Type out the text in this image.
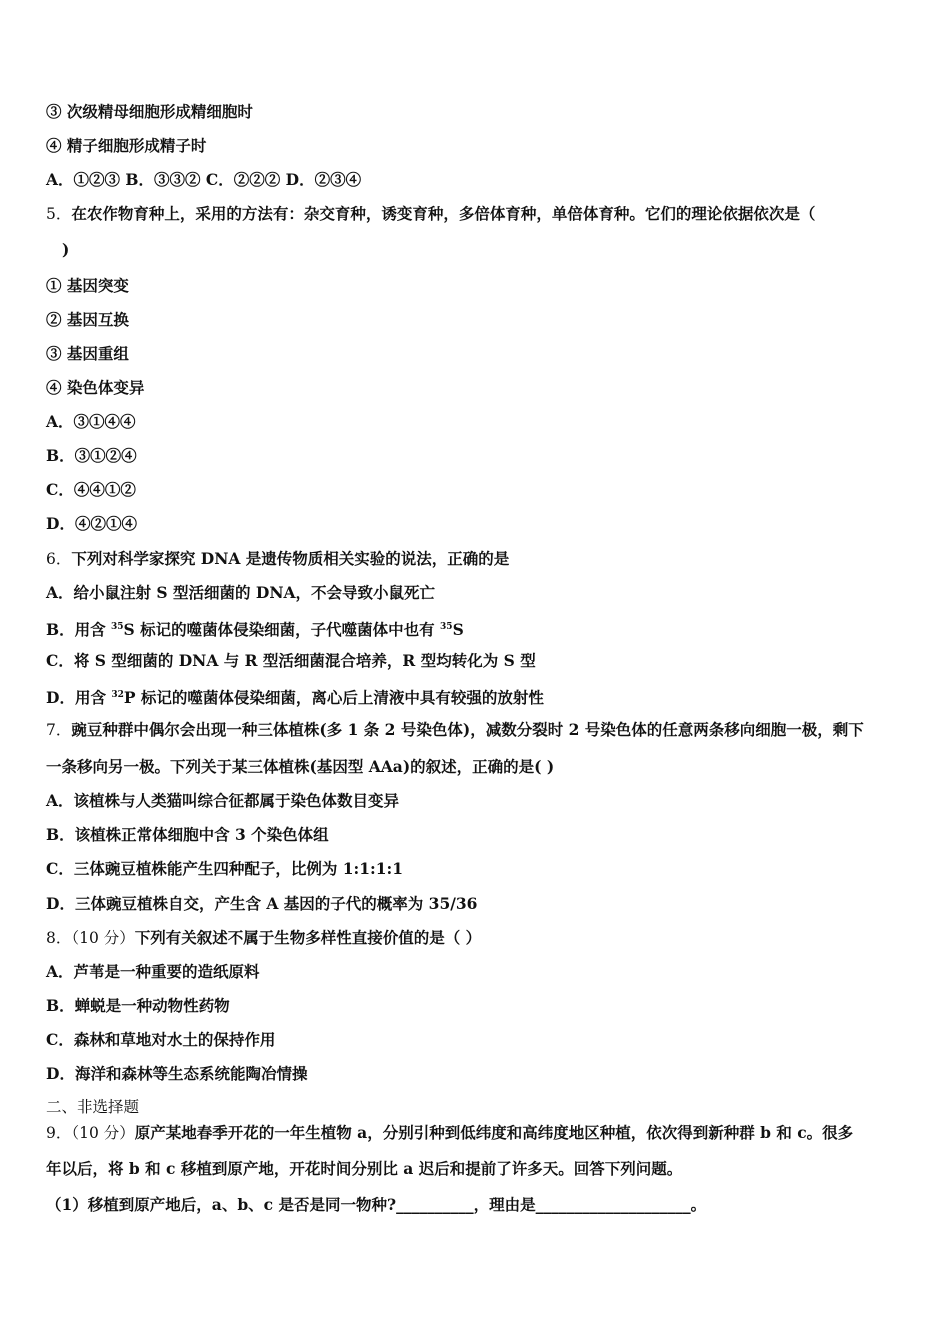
③ 次级精母细胞形成精细胞时
④ 精子细胞形成精子时
A．①②③ B．③③② C．②②② D．②③④
5．在农作物育种上，采用的方法有：杂交育种，诱变育种，多倍体育种，单倍体育种。它们的理论依据依次是（
)
① 基因突变
② 基因互换
③ 基因重组
④ 染色体变异
A．③①④④
B．③①②④
C．④④①②
D．④②①④
6．下列对科学家探究 DNA 是遗传物质相关实验的说法，正确的是
A．给小鼠注射 S 型活细菌的 DNA，不会导致小鼠死亡
B．用含 $^{35}$S 标记的噬菌体侵染细菌，子代噬菌体中也有 $^{35}$S
C．将 S 型细菌的 DNA 与 R 型活细菌混合培养，R 型均转化为 S 型
D．用含 $^{32}$P 标记的噬菌体侵染细菌，离心后上清液中具有较强的放射性
7．豌豆种群中偶尔会出现一种三体植株(多 1 条 2 号染色体)，减数分裂时 2 号染色体的任意两条移向细胞一极，剩下
一条移向另一极。下列关于某三体植株(基因型 AAa)的叙述，正确的是( )
A．该植株与人类猫叫综合征都属于染色体数目变异
B．该植株正常体细胞中含 3 个染色体组
C．三体豌豆植株能产生四种配子，比例为 1:1:1:1
D．三体豌豆植株自交，产生含 A 基因的子代的概率为 35/36
8．（10 分）下列有关叙述不属于生物多样性直接价值的是（ ）
A．芦苇是一种重要的造纸原料
B．蝉蜕是一种动物性药物
C．森林和草地对水土的保持作用
D．海洋和森林等生态系统能陶冶情操
二、非选择题
9．（10 分）原产某地春季开花的一年生植物 a，分别引种到低纬度和高纬度地区种植，依次得到新种群 b 和 c。很多
年以后，将 b 和 c 移植到原产地，开花时间分别比 a 迟后和提前了许多天。回答下列问题。
（1）移植到原产地后，a、b、c 是否是同一物种?__________，理由是____________________。
